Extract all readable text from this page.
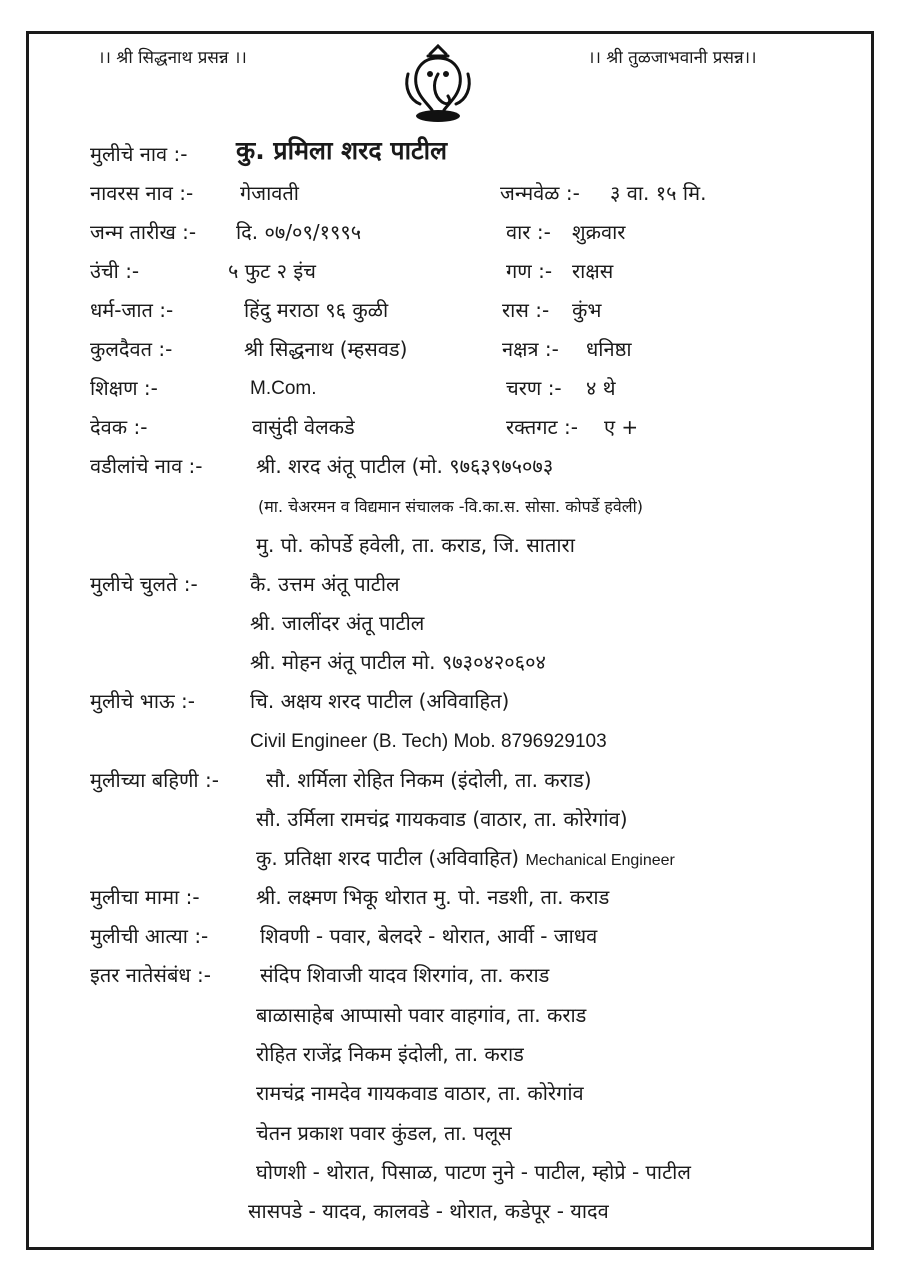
।। श्री सिद्धनाथ प्रसन्न ।।	।। श्री तुळजाभवानी प्रसन्न।।
मुलीचे नाव :- कु. प्रमिला शरद पाटील
नावरस नाव :- गेजावती	जन्मवेळ :- ३ वा. १५ मि.
जन्म तारीख :- दि. ०७/०९/१९९५	वार :- शुक्रवार
उंची :-	५ फुट २ इंच	गण :- राक्षस
धर्म-जात :-	हिंदु मराठा ९६ कुळी	रास :- कुंभ
कुलदैवत :-	श्री सिद्धनाथ (म्हसवड)	नक्षत्र :- धनिष्ठा
शिक्षण :-	M.Com.	चरण :- ४ थे
देवक :-	वासुंदी वेलकडे	रक्तगट :- ए +
वडीलांचे नाव :-	श्री. शरद अंतू पाटील (मो. ९७६३९७५०७३
(मा. चेअरमन व विद्यमान संचालक -वि.का.स. सोसा. कोपर्डे हवेली)
मु. पो. कोपर्डे हवेली, ता. कराड, जि. सातारा
मुलीचे चुलते :-	कै. उत्तम अंतू पाटील
श्री. जालींदर अंतू पाटील
श्री. मोहन अंतू पाटील मो. ९७३०४२०६०४
मुलीचे भाऊ :-	चि. अक्षय शरद पाटील (अविवाहित)
Civil Engineer (B. Tech) Mob. 8796929103
मुलीच्या बहिणी :- सौ. शर्मिला रोहित निकम (इंदोली, ता. कराड)
सौ. उर्मिला रामचंद्र गायकवाड (वाठार, ता. कोरेगांव)
कु. प्रतिक्षा शरद पाटील (अविवाहित) Mechanical Engineer
मुलीचा मामा :-	श्री. लक्ष्मण भिकू थोरात मु. पो. नडशी, ता. कराड
मुलीची आत्या :-	शिवणी - पवार, बेलदरे - थोरात, आर्वी - जाधव
इतर नातेसंबंध :- संदिप शिवाजी यादव शिरगांव, ता. कराड
बाळासाहेब आप्पासो पवार वाहगांव, ता. कराड
रोहित राजेंद्र निकम इंदोली, ता. कराड
रामचंद्र नामदेव गायकवाड वाठार, ता. कोरेगांव
चेतन प्रकाश पवार कुंडल, ता. पलूस
घोणशी - थोरात, पिसाळ, पाटण नुने - पाटील, म्होप्रे - पाटील
सासपडे - यादव, कालवडे - थोरात, कडेपूर - यादव
